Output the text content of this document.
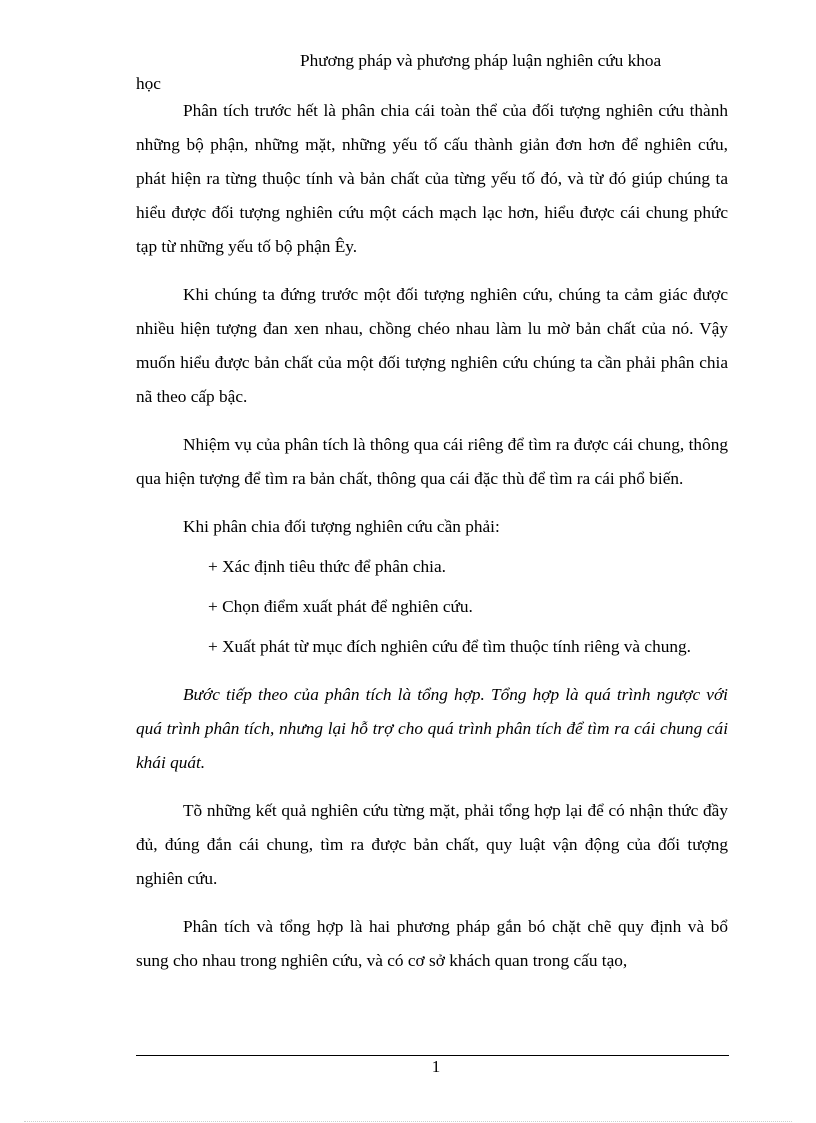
Phương pháp và phương pháp luận nghiên cứu khoa
học

Phân tích trước hết là phân chia cái toàn thể của đối tượng nghiên cứu thành những bộ phận, những mặt, những yếu tố cấu thành giản đơn hơn để nghiên cứu, phát hiện ra từng thuộc tính và bản chất của từng yếu tố đó, và từ đó giúp chúng ta hiểu được đối tượng nghiên cứu một cách mạch lạc hơn, hiểu được cái chung phức tạp từ những yếu tố bộ phận Êy.

Khi chúng ta đứng trước một đối tượng nghiên cứu, chúng ta cảm giác được nhiều hiện tượng đan xen nhau, chồng chéo nhau làm lu mờ bản chất của nó. Vậy muốn hiểu được bản chất của một đối tượng nghiên cứu chúng ta cần phải phân chia nã theo cấp bậc.

Nhiệm vụ của phân tích là thông qua cái riêng để tìm ra được cái chung, thông qua hiện tượng để tìm ra bản chất, thông qua cái đặc thù để tìm ra cái phổ biến.

Khi phân chia đối tượng nghiên cứu cần phải:

+ Xác định tiêu thức để phân chia.

+ Chọn điểm xuất phát để nghiên cứu.

+ Xuất phát từ mục đích nghiên cứu để tìm thuộc tính riêng và chung.

Bước tiếp theo của phân tích là tổng hợp. Tổng hợp là quá trình ngược với quá trình phân tích, nhưng lại hỗ trợ cho quá trình phân tích để tìm ra cái chung cái khái quát.

Tõ những kết quả nghiên cứu từng mặt, phải tổng hợp lại để có nhận thức đầy đủ, đúng đắn cái chung, tìm ra được bản chất, quy luật vận động của đối tượng nghiên cứu.

Phân tích và tổng hợp là hai phương pháp gắn bó chặt chẽ quy định và bổ sung cho nhau trong nghiên cứu, và có cơ sở khách quan trong cấu tạo,

1
